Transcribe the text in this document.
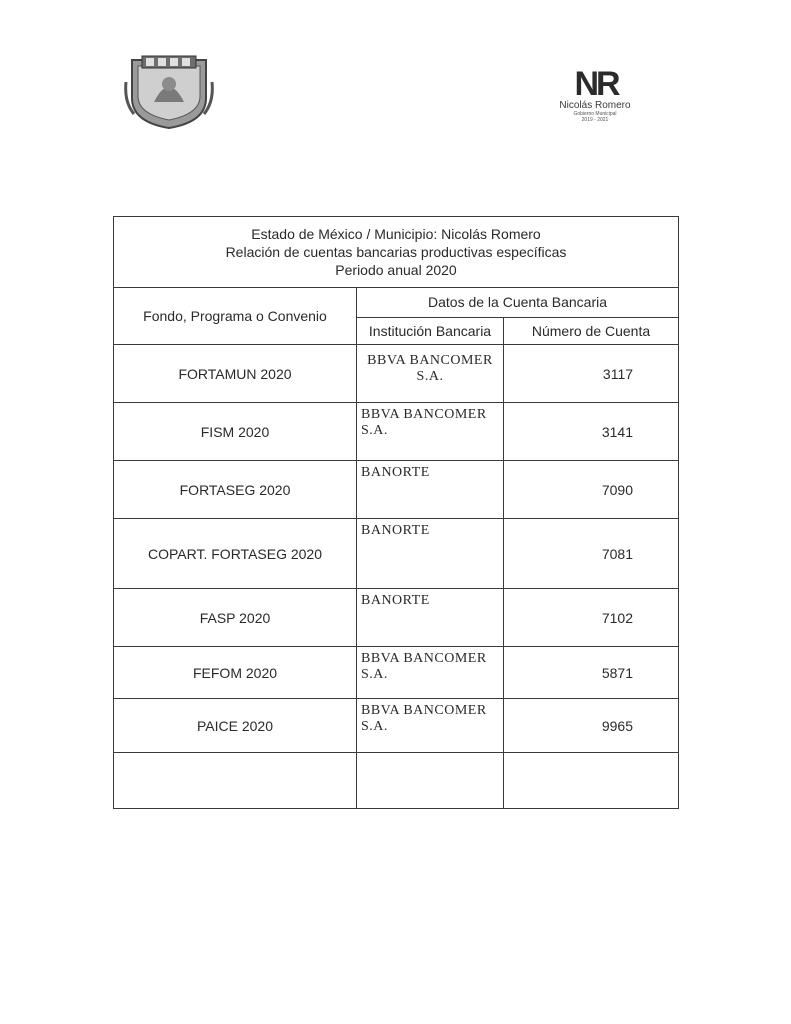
NR
Nicolás Romero
Gobierno Municipal
2019 - 2021
Estado de México / Municipio: Nicolás Romero
Relación de cuentas bancarias productivas específicas
Periodo anual 2020		

Fondo, Programa o Convenio	Datos de la Cuenta Bancaria	
	Institución Bancaria	Número de Cuenta
FORTAMUN 2020	BBVA BANCOMER S.A.	3117
FISM 2020	BBVA BANCOMER S.A.	3141
FORTASEG 2020	BANORTE	7090
COPART. FORTASEG 2020	BANORTE	7081
FASP 2020	BANORTE	7102
FEFOM 2020	BBVA BANCOMER S.A.	5871
PAICE 2020	BBVA BANCOMER S.A.	9965
